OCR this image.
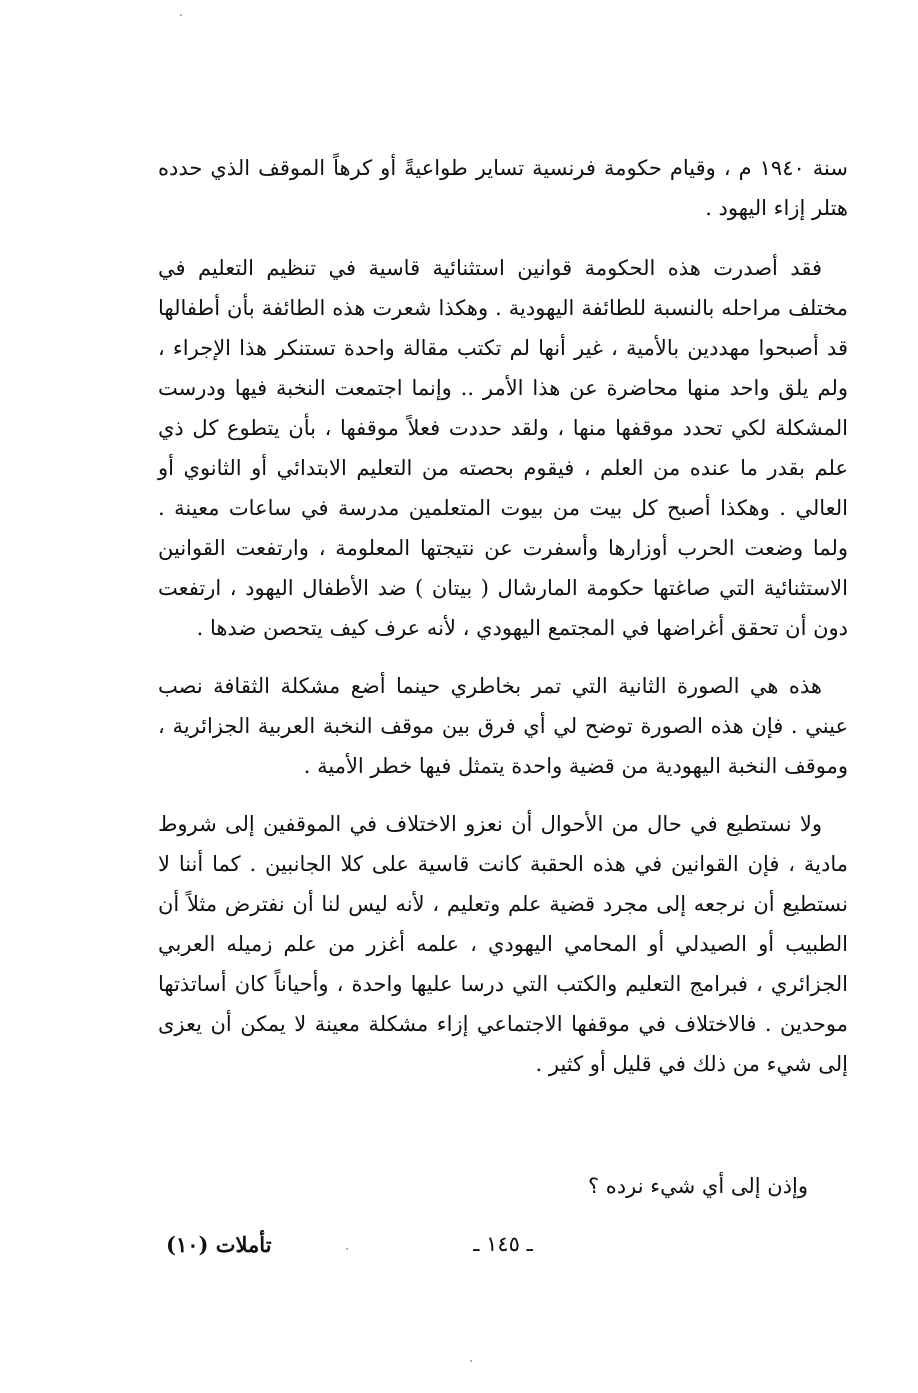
سنة ١٩٤٠ م ، وقيام حكومة فرنسية تساير طواعيةً أو كرهاً الموقف الذي حدده هتلر إزاء اليهود .

فقد أصدرت هذه الحكومة قوانين استثنائية قاسية في تنظيم التعليم في مختلف مراحله بالنسبة للطائفة اليهودية . وهكذا شعرت هذه الطائفة بأن أطفالها قد أصبحوا مهددين بالأمية ، غير أنها لم تكتب مقالة واحدة تستنكر هذا الإجراء ، ولم يلق واحد منها محاضرة عن هذا الأمر .. وإنما اجتمعت النخبة فيها ودرست المشكلة لكي تحدد موقفها منها ، ولقد حددت فعلاً موقفها ، بأن يتطوع كل ذي علم بقدر ما عنده من العلم ، فيقوم بحصته من التعليم الابتدائي أو الثانوي أو العالي . وهكذا أصبح كل بيت من بيوت المتعلمين مدرسة في ساعات معينة . ولما وضعت الحرب أوزارها وأسفرت عن نتيجتها المعلومة ، وارتفعت القوانين الاستثنائية التي صاغتها حكومة المارشال ( بيتان ) ضد الأطفال اليهود ، ارتفعت دون أن تحقق أغراضها في المجتمع اليهودي ، لأنه عرف كيف يتحصن ضدها .

هذه هي الصورة الثانية التي تمر بخاطري حينما أضع مشكلة الثقافة نصب عيني . فإن هذه الصورة توضح لي أي فرق بين موقف النخبة العربية الجزائرية ، وموقف النخبة اليهودية من قضية واحدة يتمثل فيها خطر الأمية .

ولا نستطيع في حال من الأحوال أن نعزو الاختلاف في الموقفين إلى شروط مادية ، فإن القوانين في هذه الحقبة كانت قاسية على كلا الجانبين . كما أننا لا نستطيع أن نرجعه إلى مجرد قضية علم وتعليم ، لأنه ليس لنا أن نفترض مثلاً أن الطبيب أو الصيدلي أو المحامي اليهودي ، علمه أغزر من علم زميله العربي الجزائري ، فبرامج التعليم والكتب التي درسا عليها واحدة ، وأحياناً كان أساتذتها موحدين . فالاختلاف في موقفها الاجتماعي إزاء مشكلة معينة لا يمكن أن يعزى إلى شيء من ذلك في قليل أو كثير .

وإذن إلى أي شيء نرده ؟
ـ ١٤٥ ـ
تأملات (١٠)
